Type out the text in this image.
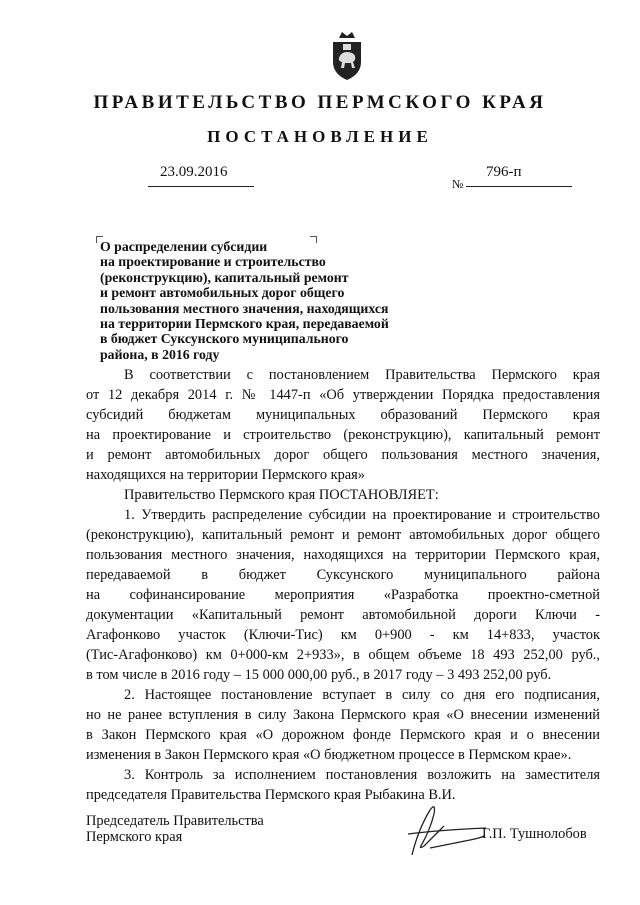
ПРАВИТЕЛЬСТВО ПЕРМСКОГО КРАЯ
ПОСТАНОВЛЕНИЕ
23.09.2016
№
796-п
О распределении субсидии
на проектирование и строительство
(реконструкцию), капитальный ремонт
и ремонт автомобильных дорог общего
пользования местного значения, находящихся
на территории Пермского края, передаваемой
в бюджет Суксунского муниципального
района, в 2016 году
В соответствии с постановлением Правительства Пермского края
от 12 декабря 2014 г. № 1447-п «Об утверждении Порядка предоставления
субсидий бюджетам муниципальных образований Пермского края
на проектирование и строительство (реконструкцию), капитальный ремонт
и ремонт автомобильных дорог общего пользования местного значения,
находящихся на территории Пермского края»
Правительство Пермского края ПОСТАНОВЛЯЕТ:
1. Утвердить распределение субсидии на проектирование и строительство
(реконструкцию), капитальный ремонт и ремонт автомобильных дорог общего
пользования местного значения, находящихся на территории Пермского края,
передаваемой в бюджет Суксунского муниципального района
на софинансирование мероприятия «Разработка проектно-сметной
документации «Капитальный ремонт автомобильной дороги Ключи -
Агафонково участок (Ключи-Тис) км 0+900 - км 14+833, участок
(Тис-Агафонково) км 0+000-км 2+933», в общем объеме 18 493 252,00 руб.,
в том числе в 2016 году – 15 000 000,00 руб., в 2017 году – 3 493 252,00 руб.
2. Настоящее постановление вступает в силу со дня его подписания,
но не ранее вступления в силу Закона Пермского края «О внесении изменений
в Закон Пермского края «О дорожном фонде Пермского края и о внесении
изменения в Закон Пермского края «О бюджетном процессе в Пермском крае».
3. Контроль за исполнением постановления возложить на заместителя
председателя Правительства Пермского края Рыбакина В.И.
Председатель Правительства
Пермского края	Г.П. Тушнолобов
